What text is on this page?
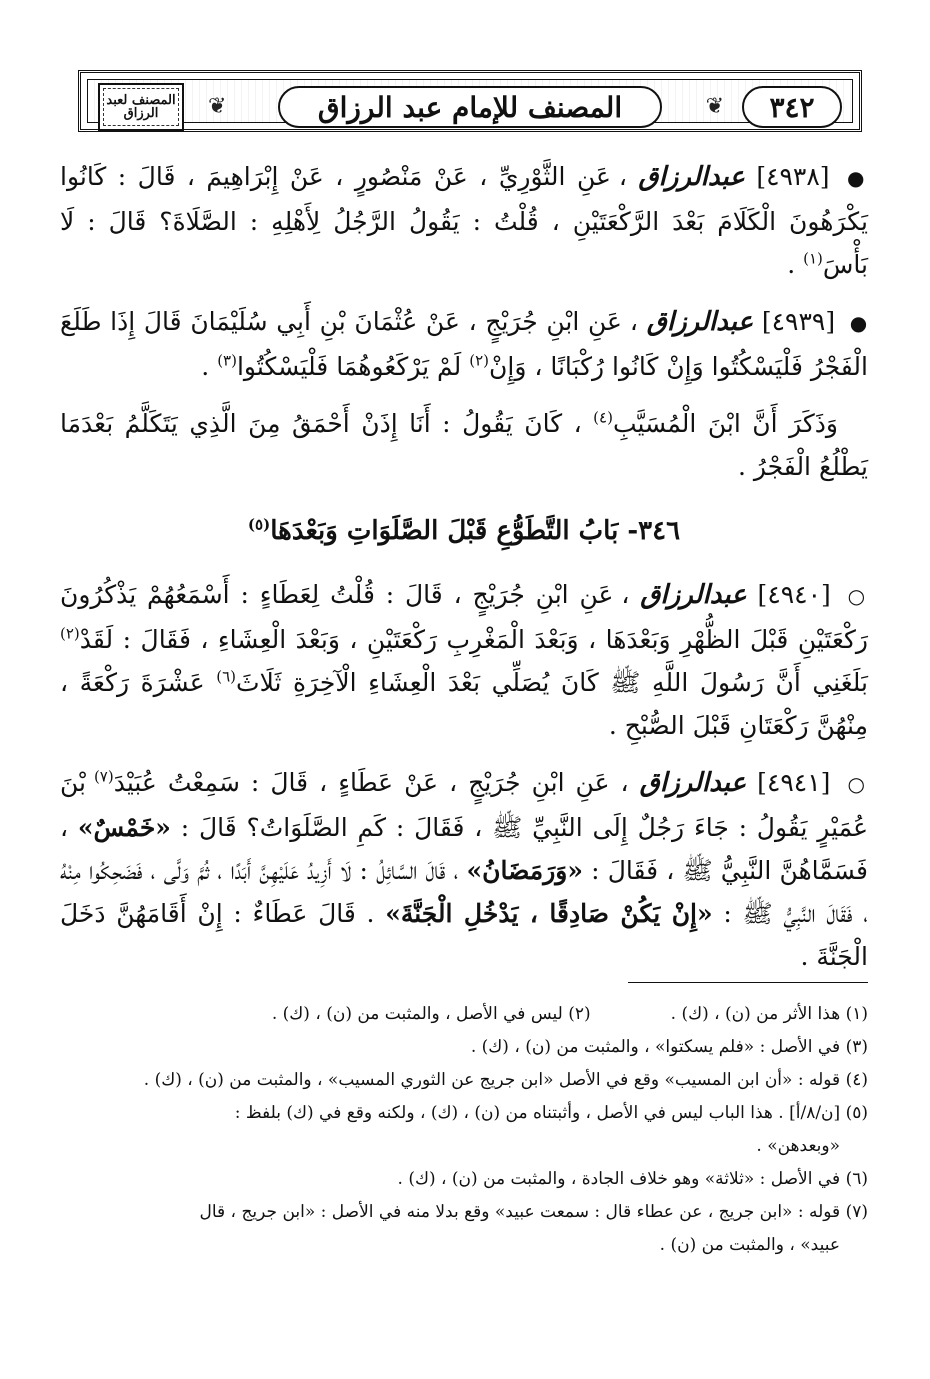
٣٤٢
❦
المصنف للإمام عبد الرزاق
❦
المصنف لعبد الرزاق

● [٤٩٣٨] عبدالرزاق ، عَنِ الثَّوْرِيِّ ، عَنْ مَنْصُورٍ ، عَنْ إِبْرَاهِيمَ ، قَالَ : كَانُوا يَكْرَهُونَ الْكَلَامَ بَعْدَ الرَّكْعَتَيْنِ ، قُلْتُ : يَقُولُ الرَّجُلُ لِأَهْلِهِ : الصَّلَاةَ؟ قَالَ : لَا بَأْسَ$^{(١)}$ .

● [٤٩٣٩] عبدالرزاق ، عَنِ ابْنِ جُرَيْجٍ ، عَنْ عُثْمَانَ بْنِ أَبِي سُلَيْمَانَ قَالَ إِذَا طَلَعَ الْفَجْرُ فَلْيَسْكُتُوا وَإِنْ كَانُوا رُكْبَانًا ، وَإِنْ$^{(٢)}$ لَمْ يَرْكَعُوهُمَا فَلْيَسْكُتُوا$^{(٣)}$ .

وَذَكَرَ أَنَّ ابْنَ الْمُسَيَّبِ$^{(٤)}$ ، كَانَ يَقُولُ : أَنَا إِذَنْ أَحْمَقُ مِنَ الَّذِي يَتَكَلَّمُ بَعْدَمَا يَطْلُعُ الْفَجْرُ .

٣٤٦- بَابُ التَّطَوُّعِ قَبْلَ الصَّلَوَاتِ وَبَعْدَهَا$^{(٥)}$

○ [٤٩٤٠] عبدالرزاق ، عَنِ ابْنِ جُرَيْجٍ ، قَالَ : قُلْتُ لِعَطَاءٍ : أَسْمَعُهُمْ يَذْكُرُونَ رَكْعَتَيْنِ قَبْلَ الظُّهْرِ وَبَعْدَهَا ، وَبَعْدَ الْمَغْرِبِ رَكْعَتَيْنِ ، وَبَعْدَ الْعِشَاءِ ، فَقَالَ : لَقَدْ$^{(٢)}$ بَلَغَنِي أَنَّ رَسُولَ اللَّهِ ﷺ كَانَ يُصَلِّي بَعْدَ الْعِشَاءِ الْآخِرَةِ ثَلَاثَ$^{(٦)}$ عَشْرَةَ رَكْعَةً ، مِنْهُنَّ رَكْعَتَانِ قَبْلَ الصُّبْحِ .

○ [٤٩٤١] عبدالرزاق ، عَنِ ابْنِ جُرَيْجٍ ، عَنْ عَطَاءٍ ، قَالَ : سَمِعْتُ عُبَيْدَ$^{(٧)}$ بْنَ عُمَيْرٍ يَقُولُ : جَاءَ رَجُلٌ إِلَى النَّبِيِّ ﷺ ، فَقَالَ : كَمِ الصَّلَوَاتُ؟ قَالَ : «خَمْسٌ» ، فَسَمَّاهُنَّ النَّبِيُّ ﷺ ، فَقَالَ : «وَرَمَضَانُ» ، قَالَ السَّائِلُ : لَا أَزِيدُ عَلَيْهِنَّ أَبَدًا ، ثُمَّ وَلَّى ، فَضَحِكُوا مِنْهُ ، فَقَالَ النَّبِيُّ ﷺ : «إِنْ يَكُنْ صَادِقًا ، يَدْخُلِ الْجَنَّةَ» . قَالَ عَطَاءٌ : إِنْ أَقَامَهُنَّ دَخَلَ الْجَنَّةَ .

(١) هذا الأثر من (ن) ، (ك) .

(٢) ليس في الأصل ، والمثبت من (ن) ، (ك) .

(٣) في الأصل : «فلم يسكتوا» ، والمثبت من (ن) ، (ك) .

(٤) قوله : «أن ابن المسيب» وقع في الأصل «ابن جريج عن الثوري المسيب» ، والمثبت من (ن) ، (ك) .

(٥) [ن/٨/أ] . هذا الباب ليس في الأصل ، وأثبتناه من (ن) ، (ك) ، ولكنه وقع في (ك) بلفظ :

«وبعدهن» .

(٦) في الأصل : «ثلاثة» وهو خلاف الجادة ، والمثبت من (ن) ، (ك) .

(٧) قوله : «ابن جريج ، عن عطاء قال : سمعت عبيد» وقع بدلا منه في الأصل : «ابن جريج ، قال

عبيد» ، والمثبت من (ن) .
